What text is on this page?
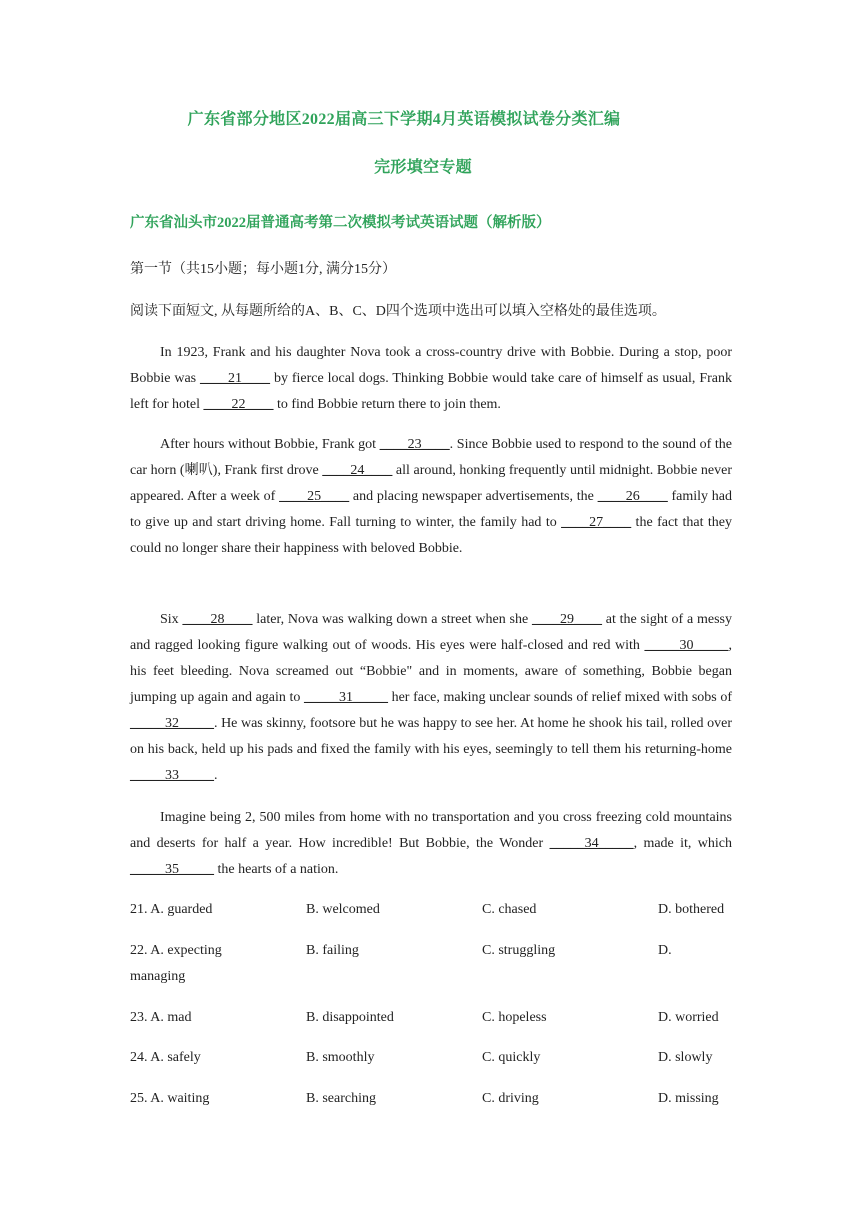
广东省部分地区2022届高三下学期4月英语模拟试卷分类汇编
完形填空专题
广东省汕头市2022届普通高考第二次模拟考试英语试题（解析版）
第一节（共15小题；每小题1分, 满分15分）
阅读下面短文, 从每题所给的A、B、C、D四个选项中选出可以填入空格处的最佳选项。
In 1923, Frank and his daughter Nova took a cross-country drive with Bobbie. During a stop, poor Bobbie was ____21____ by fierce local dogs. Thinking Bobbie would take care of himself as usual, Frank left for hotel ____22____ to find Bobbie return there to join them.
After hours without Bobbie, Frank got ____23____. Since Bobbie used to respond to the sound of the car horn (喇叭), Frank first drove ____24____ all around, honking frequently until midnight. Bobbie never appeared. After a week of ____25____ and placing newspaper advertisements, the ____26____ family had to give up and start driving home. Fall turning to winter, the family had to ____27____ the fact that they could no longer share their happiness with beloved Bobbie.
Six ____28____ later, Nova was walking down a street when she ____29____ at the sight of a messy and ragged looking figure walking out of woods. His eyes were half-closed and red with _____30_____, his feet bleeding. Nova screamed out “Bobbie" and in moments, aware of something, Bobbie began jumping up again and again to _____31_____ her face, making unclear sounds of relief mixed with sobs of _____32_____. He was skinny, footsore but he was happy to see her. At home he shook his tail, rolled over on his back, held up his pads and fixed the family with his eyes, seemingly to tell them his returning-home _____33_____.
Imagine being 2, 500 miles from home with no transportation and you cross freezing cold mountains and deserts for half a year. How incredible! But Bobbie, the Wonder _____34_____, made it, which _____35_____ the hearts of a nation.
21. A. guarded	B. welcomed	C. chased	D. bothered
22. A. expecting	B. failing	C. struggling	D.
managing
23. A. mad	B. disappointed	C. hopeless	D. worried
24. A. safely	B. smoothly	C. quickly	D. slowly
25. A. waiting	B. searching	C. driving	D. missing
